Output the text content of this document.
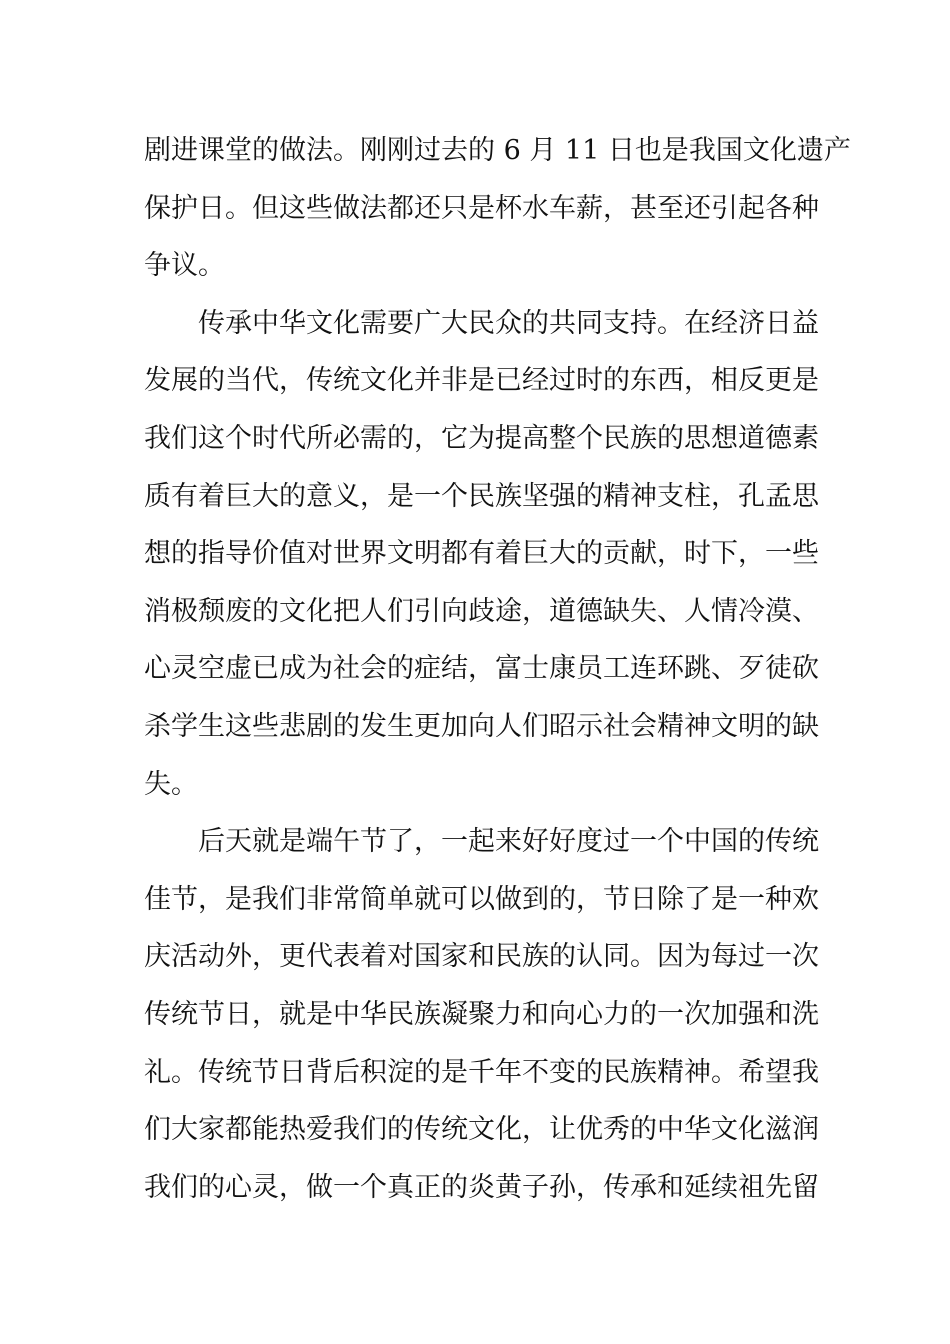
剧进课堂的做法。刚刚过去的 6 月 11 日也是我国文化遗产
保护日。但这些做法都还只是杯水车薪，甚至还引起各种
争议。
　　传承中华文化需要广大民众的共同支持。在经济日益
发展的当代，传统文化并非是已经过时的东西，相反更是
我们这个时代所必需的，它为提高整个民族的思想道德素
质有着巨大的意义，是一个民族坚强的精神支柱，孔孟思
想的指导价值对世界文明都有着巨大的贡献，时下，一些
消极颓废的文化把人们引向歧途，道德缺失、人情冷漠、
心灵空虚已成为社会的症结，富士康员工连环跳、歹徒砍
杀学生这些悲剧的发生更加向人们昭示社会精神文明的缺
失。
　　后天就是端午节了，一起来好好度过一个中国的传统
佳节，是我们非常简单就可以做到的，节日除了是一种欢
庆活动外，更代表着对国家和民族的认同。因为每过一次
传统节日，就是中华民族凝聚力和向心力的一次加强和洗
礼。传统节日背后积淀的是千年不变的民族精神。希望我
们大家都能热爱我们的传统文化，让优秀的中华文化滋润
我们的心灵，做一个真正的炎黄子孙，传承和延续祖先留
